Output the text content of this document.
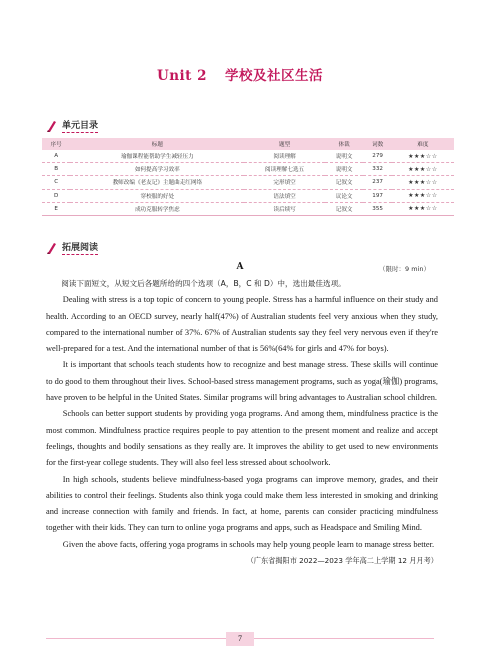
Unit 2 学校及社区生活
单元目录
序号	标题	题型	体裁	词数	难度
A	瑜伽课程能帮助学生减轻压力	阅读理解	说明文	279	★★★☆☆
B	如何提高学习效率	阅读理解七选五	说明文	332	★★★☆☆
C	教师改编《老友记》主题曲走红网络	完形填空	记叙文	237	★★★☆☆
D	穿校服的好处	语法填空	议论文	197	★★★☆☆
E	成功克服转学焦虑	读后续写	记叙文	355	★★★☆☆
拓展阅读
A	（限时：9 min）

阅读下面短文，从短文后各题所给的四个选项（A，B，C 和 D）中，选出最佳选项。

Dealing with stress is a top topic of concern to young people. Stress has a harmful influence on their study and health. According to an OECD survey, nearly half(47%) of Australian students feel very anxious when they study, compared to the international number of 37%. 67% of Australian students say they feel very nervous even if they're well-prepared for a test. And the international number of that is 56%(64% for girls and 47% for boys).

It is important that schools teach students how to recognize and best manage stress. These skills will continue to do good to them throughout their lives. School-based stress management programs, such as yoga(瑜伽) programs, have proven to be helpful in the United States. Similar programs will bring advantages to Australian school children.

Schools can better support students by providing yoga programs. And among them, mindfulness practice is the most common. Mindfulness practice requires people to pay attention to the present moment and realize and accept feelings, thoughts and bodily sensations as they really are. It improves the ability to get used to new environments for the first-year college students. They will also feel less stressed about schoolwork.

In high schools, students believe mindfulness-based yoga programs can improve memory, grades, and their abilities to control their feelings. Students also think yoga could make them less interested in smoking and drinking and increase connection with family and friends. In fact, at home, parents can consider practicing mindfulness together with their kids. They can turn to online yoga programs and apps, such as Headspace and Smiling Mind.

Given the above facts, offering yoga programs in schools may help young people learn to manage stress better.
（广东省揭阳市 2022—2023 学年高二上学期 12 月月考）

7
